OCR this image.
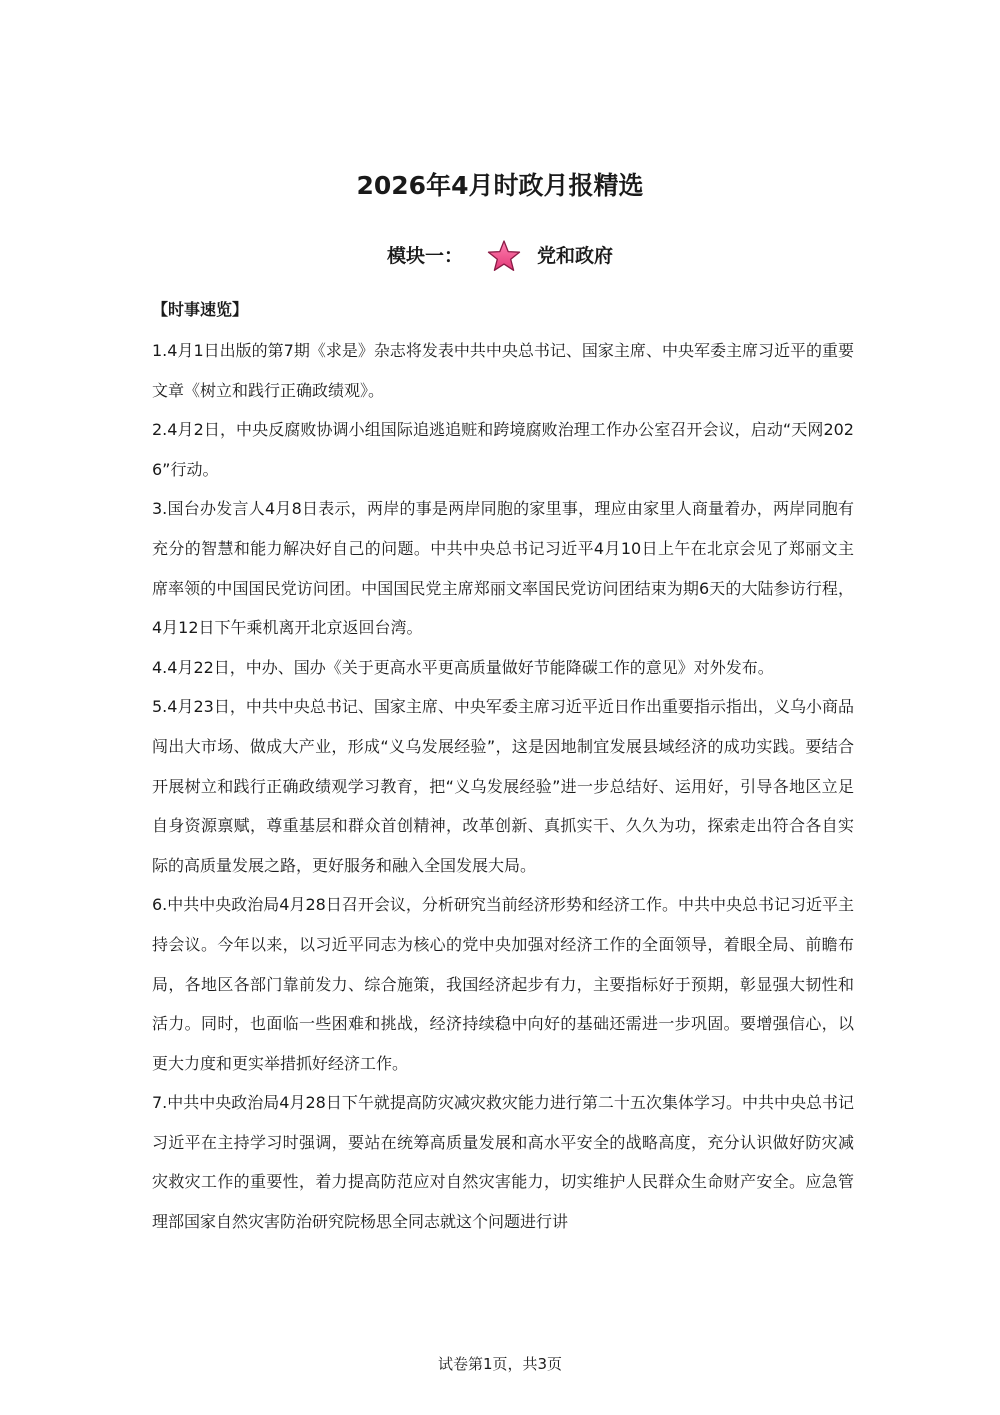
2026年4月时政月报精选
模块一：	党和政府
【时事速览】

1.4月1日出版的第7期《求是》杂志将发表中共中央总书记、国家主席、中央军委主席习近平的重要文章《树立和践行正确政绩观》。

2.4月2日，中央反腐败协调小组国际追逃追赃和跨境腐败治理工作办公室召开会议，启动“天网2026”行动。

3.国台办发言人4月8日表示，两岸的事是两岸同胞的家里事，理应由家里人商量着办，两岸同胞有充分的智慧和能力解决好自己的问题。中共中央总书记习近平4月10日上午在北京会见了郑丽文主席率领的中国国民党访问团。中国国民党主席郑丽文率国民党访问团结束为期6天的大陆参访行程，4月12日下午乘机离开北京返回台湾。

4.4月22日，中办、国办《关于更高水平更高质量做好节能降碳工作的意见》对外发布。

5.4月23日，中共中央总书记、国家主席、中央军委主席习近平近日作出重要指示指出，义乌小商品闯出大市场、做成大产业，形成“义乌发展经验”，这是因地制宜发展县域经济的成功实践。要结合开展树立和践行正确政绩观学习教育，把“义乌发展经验”进一步总结好、运用好，引导各地区立足自身资源禀赋，尊重基层和群众首创精神，改革创新、真抓实干、久久为功，探索走出符合各自实际的高质量发展之路，更好服务和融入全国发展大局。

6.中共中央政治局4月28日召开会议，分析研究当前经济形势和经济工作。中共中央总书记习近平主持会议。今年以来，以习近平同志为核心的党中央加强对经济工作的全面领导，着眼全局、前瞻布局，各地区各部门靠前发力、综合施策，我国经济起步有力，主要指标好于预期，彰显强大韧性和活力。同时，也面临一些困难和挑战，经济持续稳中向好的基础还需进一步巩固。要增强信心，以更大力度和更实举措抓好经济工作。

7.中共中央政治局4月28日下午就提高防灾减灾救灾能力进行第二十五次集体学习。中共中央总书记习近平在主持学习时强调，要站在统筹高质量发展和高水平安全的战略高度，充分认识做好防灾减灾救灾工作的重要性，着力提高防范应对自然灾害能力，切实维护人民群众生命财产安全。应急管理部国家自然灾害防治研究院杨思全同志就这个问题进行讲

试卷第1页，共3页
